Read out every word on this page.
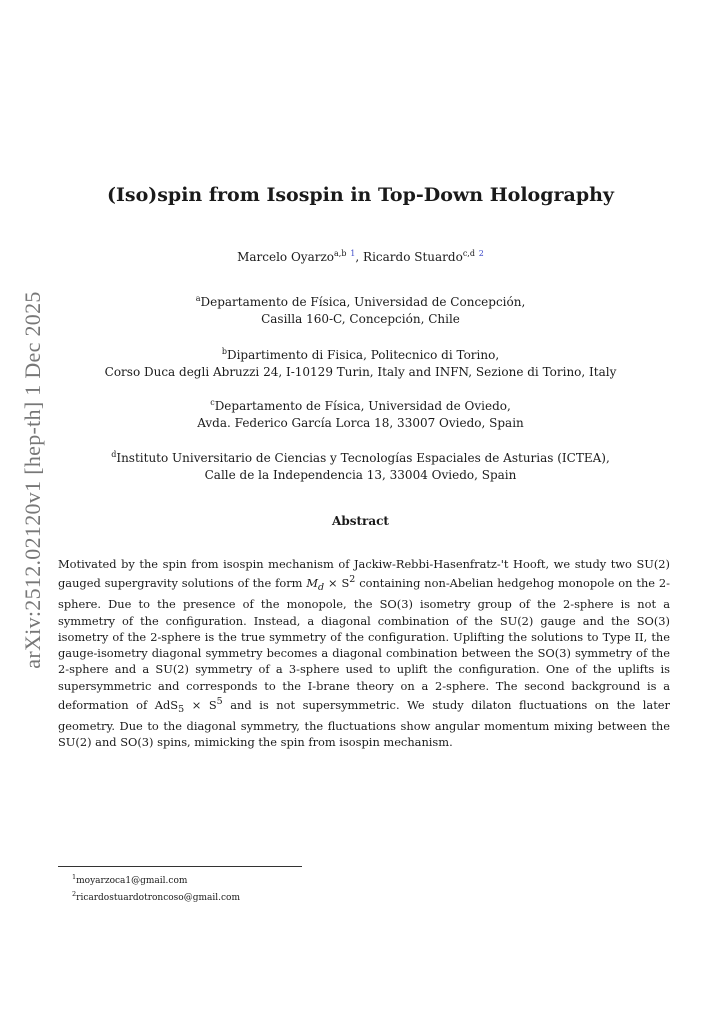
arXiv:2512.02120v1 [hep-th] 1 Dec 2025
(Iso)spin from Isospin in Top-Down Holography
Marcelo Oyarzo$^{a,b}$ $^1$, Ricardo Stuardo$^{c,d}$ $^2$
$^a$Departamento de Física, Universidad de Concepción,
Casilla 160-C, Concepción, Chile
$^b$Dipartimento di Fisica, Politecnico di Torino,
Corso Duca degli Abruzzi 24, I-10129 Turin, Italy and INFN, Sezione di Torino, Italy
$^c$Departamento de Física, Universidad de Oviedo,
Avda. Federico García Lorca 18, 33007 Oviedo, Spain
$^d$Instituto Universitario de Ciencias y Tecnologías Espaciales de Asturias (ICTEA),
Calle de la Independencia 13, 33004 Oviedo, Spain
Abstract
Motivated by the spin from isospin mechanism of Jackiw-Rebbi-Hasenfratz-'t Hooft, we study two SU(2) gauged supergravity solutions of the form $M_d \times S^2$ containing non-Abelian hedgehog monopole on the 2-sphere. Due to the presence of the monopole, the SO(3) isometry group of the 2-sphere is not a symmetry of the configuration. Instead, a diagonal combination of the SU(2) gauge and the SO(3) isometry of the 2-sphere is the true symmetry of the configuration. Uplifting the solutions to Type II, the gauge-isometry diagonal symmetry becomes a diagonal combination between the SO(3) symmetry of the 2-sphere and a SU(2) symmetry of a 3-sphere used to uplift the configuration. One of the uplifts is supersymmetric and corresponds to the I-brane theory on a 2-sphere. The second background is a deformation of $AdS_5 \times S^5$ and is not supersymmetric. We study dilaton fluctuations on the later geometry. Due to the diagonal symmetry, the fluctuations show angular momentum mixing between the SU(2) and SO(3) spins, mimicking the spin from isospin mechanism.
$^1$moyarzoca1@gmail.com
$^2$ricardostuardotroncoso@gmail.com
